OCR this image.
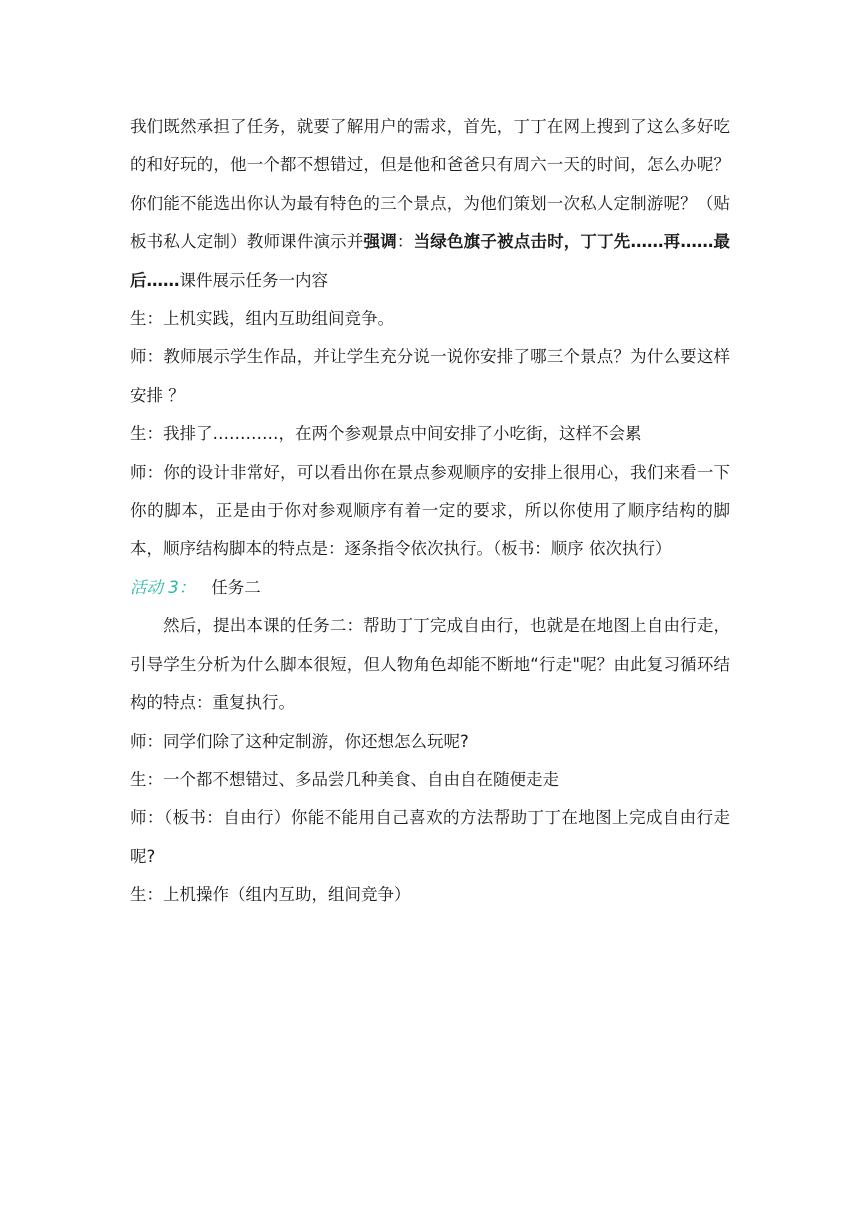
我们既然承担了任务，就要了解用户的需求，首先，丁丁在网上搜到了这么多好吃的和好玩的，他一个都不想错过，但是他和爸爸只有周六一天的时间，怎么办呢？你们能不能选出你认为最有特色的三个景点，为他们策划一次私人定制游呢？（贴板书私人定制）教师课件演示并强调：当绿色旗子被点击时，丁丁先……再……最后……课件展示任务一内容

生：上机实践，组内互助组间竞争。

师：教师展示学生作品，并让学生充分说一说你安排了哪三个景点？为什么要这样安排 ？

生：我排了…………，在两个参观景点中间安排了小吃街，这样不会累

师：你的设计非常好，可以看出你在景点参观顺序的安排上很用心，我们来看一下你的脚本，正是由于你对参观顺序有着一定的要求，所以你使用了顺序结构的脚本，顺序结构脚本的特点是：逐条指令依次执行。（板书：顺序 依次执行）

活动 3： 任务二

然后，提出本课的任务二：帮助丁丁完成自由行，也就是在地图上自由行走，引导学生分析为什么脚本很短，但人物角色却能不断地“行走"呢？由此复习循环结构的特点：重复执行。

师：同学们除了这种定制游，你还想怎么玩呢?

生：一个都不想错过、多品尝几种美食、自由自在随便走走

师：（板书：自由行）你能不能用自己喜欢的方法帮助丁丁在地图上完成自由行走呢?

生：上机操作（组内互助，组间竞争）
